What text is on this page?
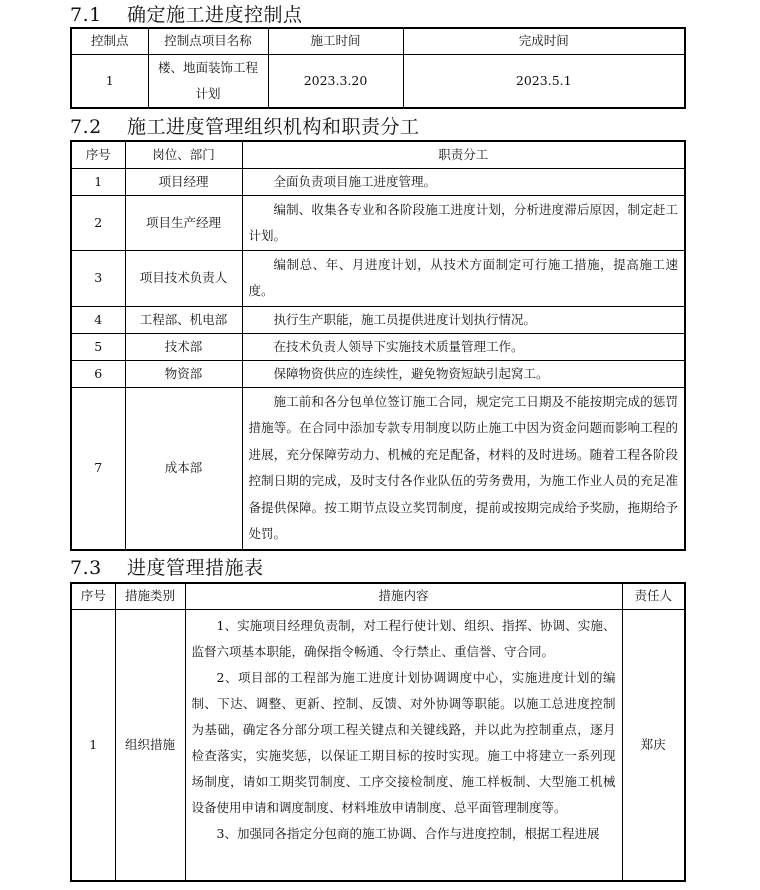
7.1 确定施工进度控制点
控制点	控制点项目名称	施工时间	完成时间
1	楼、地面装饰工程计划	2023.3.20	2023.5.1
7.2 施工进度管理组织机构和职责分工
序号	岗位、部门	职责分工
1	项目经理	全面负责项目施工进度管理。

2	项目生产经理	编制、收集各专业和各阶段施工进度计划，分析进度滞后原因，制定赶工计划。

3	项目技术负责人	编制总、年、月进度计划，从技术方面制定可行施工措施，提高施工速度。

4	工程部、机电部	执行生产职能，施工员提供进度计划执行情况。

5	技术部	在技术负责人领导下实施技术质量管理工作。

6	物资部	保障物资供应的连续性，避免物资短缺引起窝工。

7	成本部	施工前和各分包单位签订施工合同，规定完工日期及不能按期完成的惩罚措施等。在合同中添加专款专用制度以防止施工中因为资金问题而影响工程的进展，充分保障劳动力、机械的充足配备，材料的及时进场。随着工程各阶段控制日期的完成，及时支付各作业队伍的劳务费用，为施工作业人员的充足准备提供保障。按工期节点设立奖罚制度，提前或按期完成给予奖励，拖期给予处罚。

7.3 进度管理措施表
序号	措施类别	措施内容	责任人
1	组织措施	1、实施项目经理负责制，对工程行使计划、组织、指挥、协调、实施、监督六项基本职能，确保指令畅通、令行禁止、重信誉、守合同。

2、项目部的工程部为施工进度计划协调调度中心，实施进度计划的编制、下达、调整、更新、控制、反馈、对外协调等职能。以施工总进度控制为基础，确定各分部分项工程关键点和关键线路，并以此为控制重点，逐月检查落实，实施奖惩，以保证工期目标的按时实现。施工中将建立一系列现场制度，请如工期奖罚制度、工序交接检制度、施工样板制、大型施工机械设备使用申请和调度制度、材料堆放申请制度、总平面管理制度等。

3、加强同各指定分包商的施工协调、合作与进度控制，根据工程进展	郑庆
